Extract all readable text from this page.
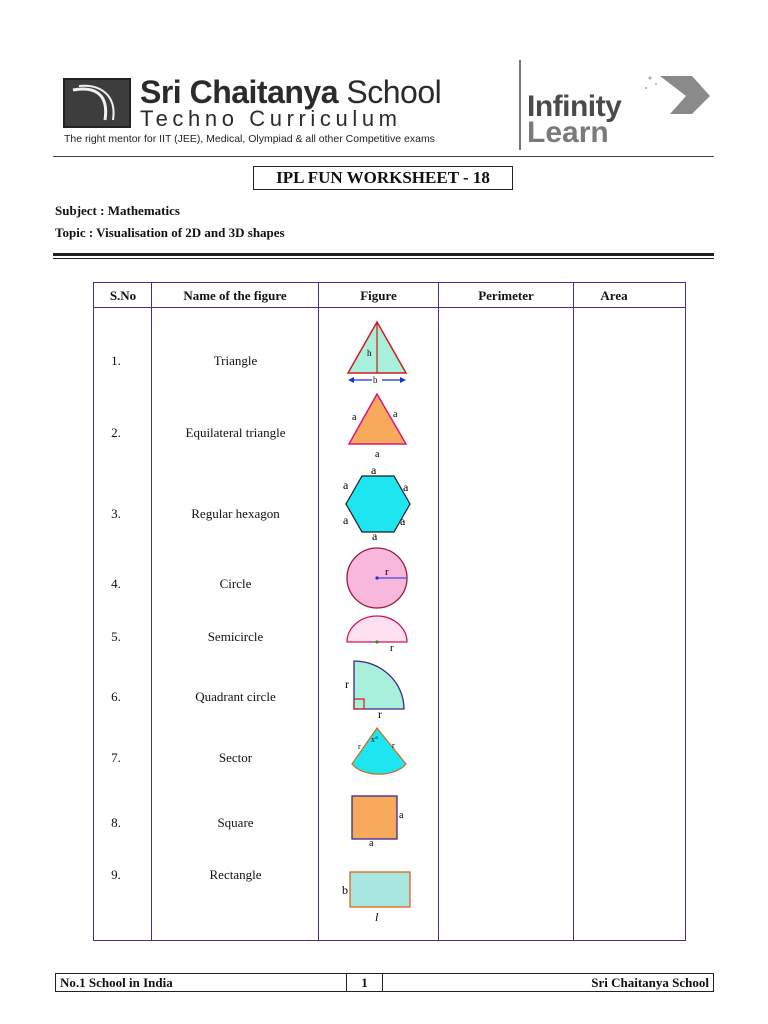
Sri Chaitanya School
Techno Curriculum
The right mentor for IIT (JEE), Medical, Olympiad & all other Competitive exams
Infinity
Learn
IPL FUN WORKSHEET - 18
Subject : Mathematics
Topic : Visualisation of 2D and 3D shapes
S.No	Name of the figure	Figure	Perimeter	Area
1.	Triangle
2.	Equilateral triangle
3.	Regular hexagon
4.	Circle
5.	Semicircle
6.	Quadrant circle
7.	Sector
8.	Square
9.	Rectangle
h
b
a	a
a
a
a	a
a	a
a
r
r
r
r
x°
r	r
a
a
b
l
No.1 School in India	1	Sri Chaitanya School
